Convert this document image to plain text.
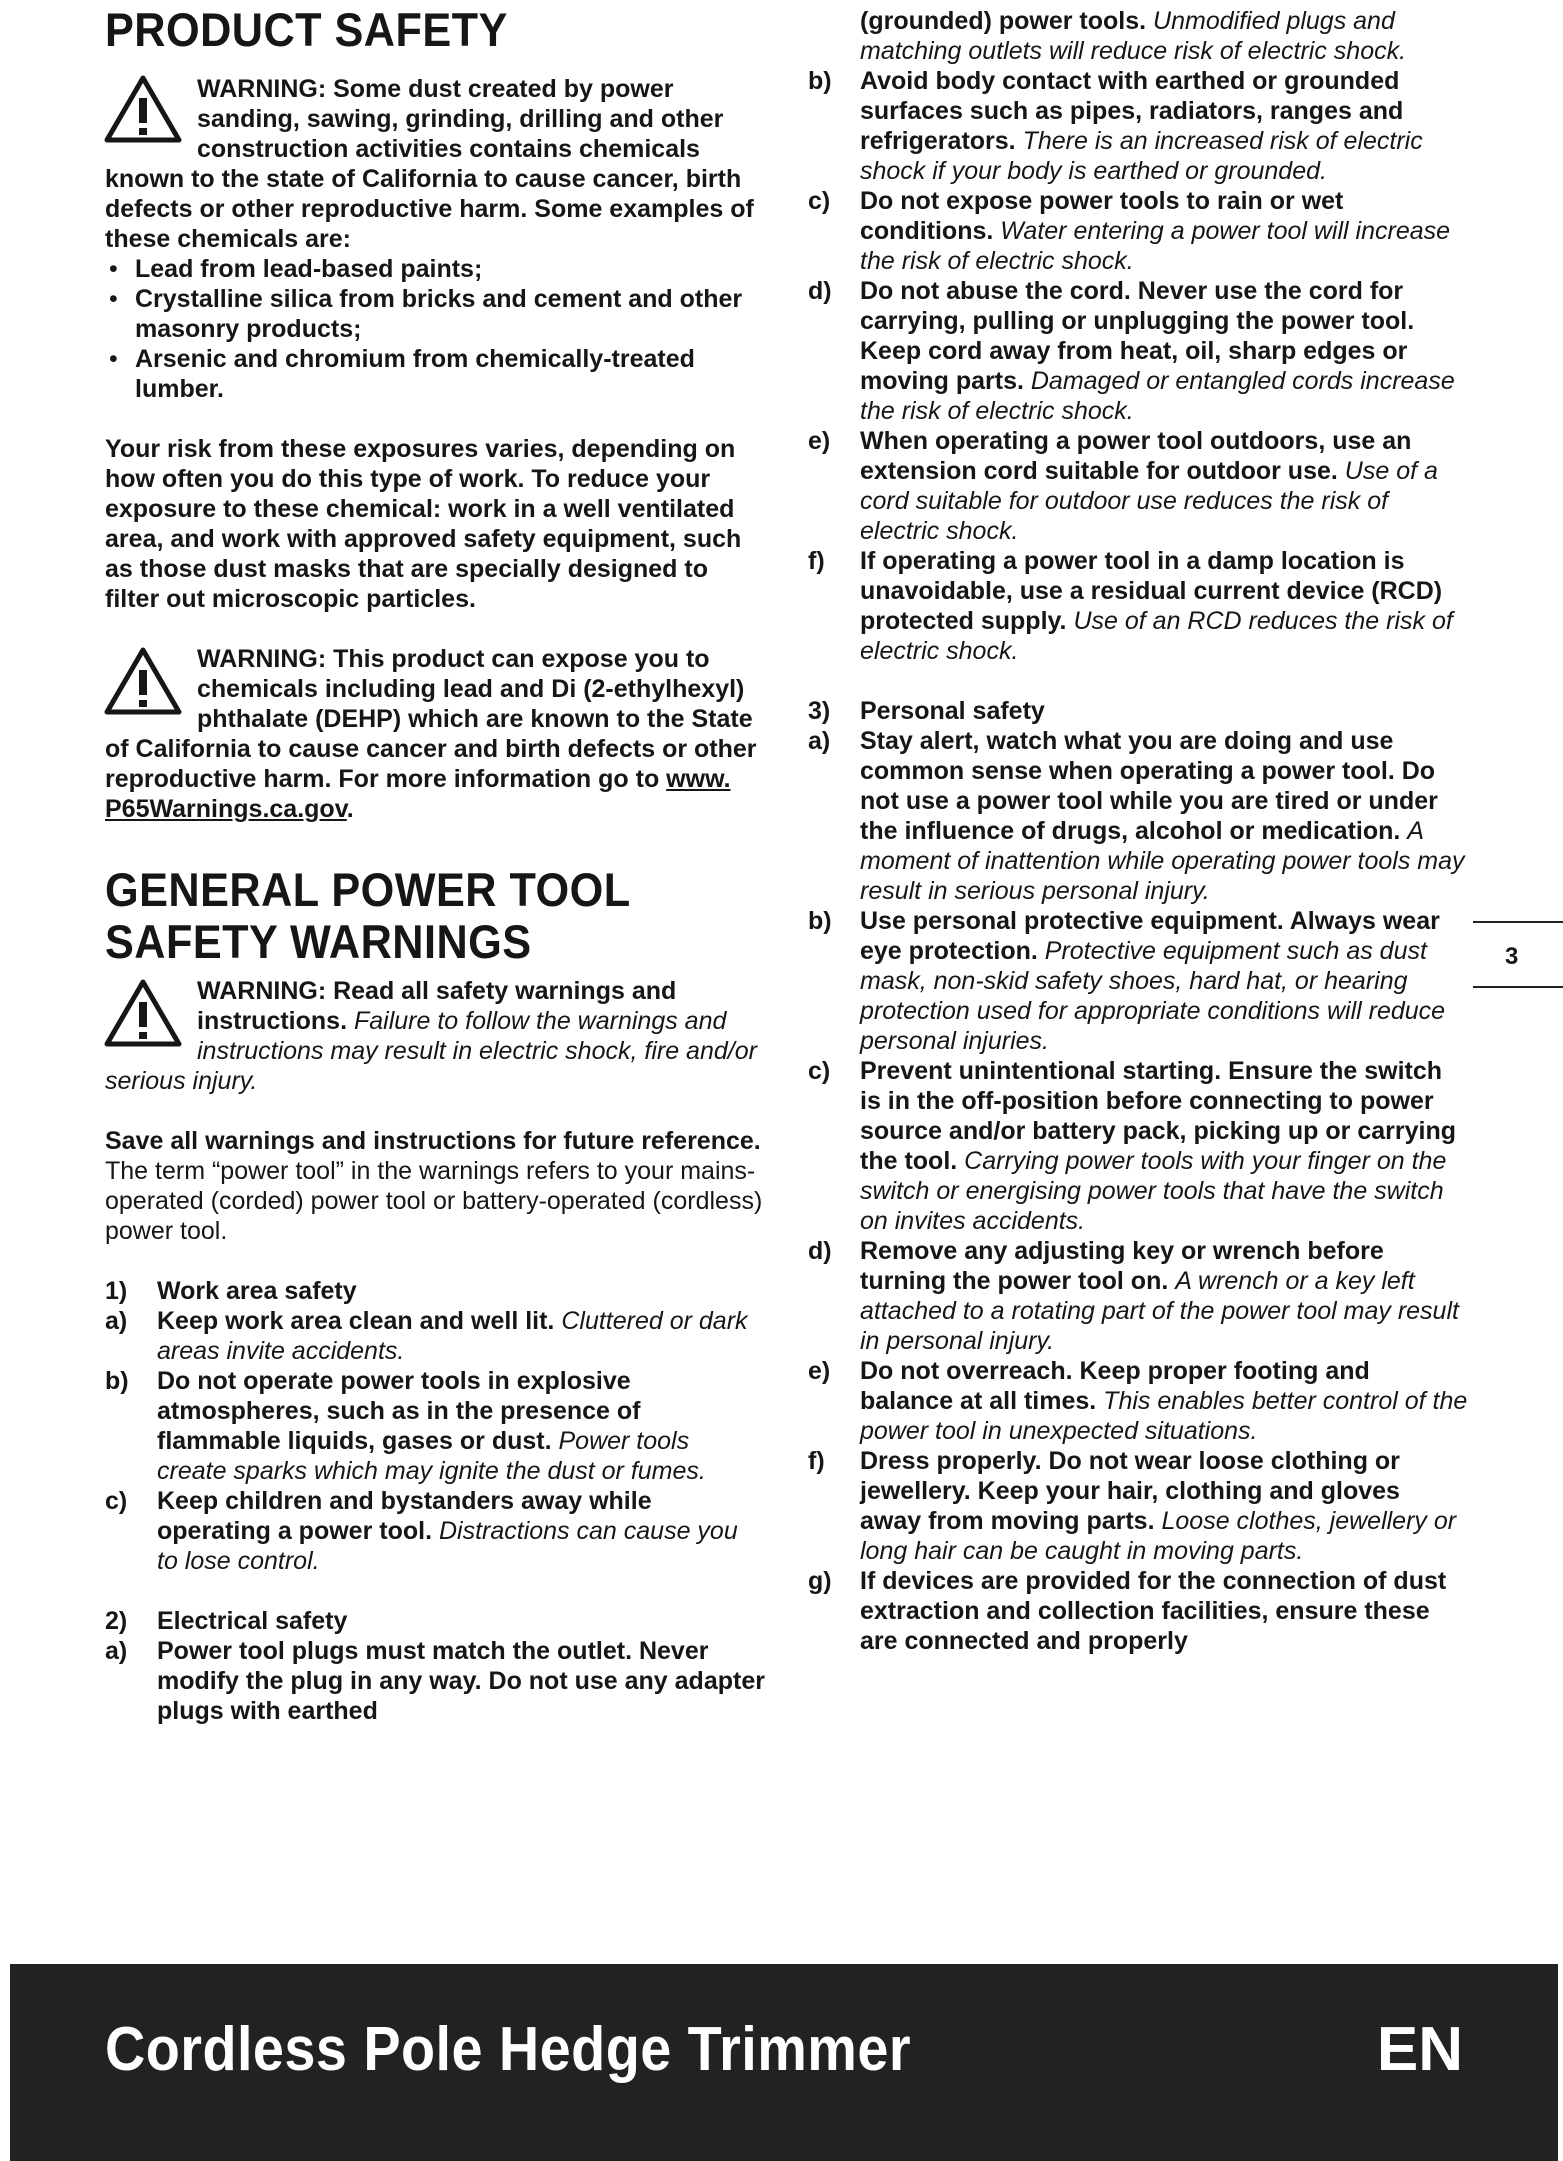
PRODUCT SAFETY
WARNING: Some dust created by power sanding, sawing, grinding, drilling and other construction activities contains chemicals known to the state of California to cause cancer, birth defects or other reproductive harm. Some examples of these chemicals are:
• Lead from lead-based paints;
• Crystalline silica from bricks and cement and other masonry products;
• Arsenic and chromium from chemically-treated lumber.
Your risk from these exposures varies, depending on how often you do this type of work. To reduce your exposure to these chemical: work in a well ventilated area, and work with approved safety equipment, such as those dust masks that are specially designed to filter out microscopic particles.
WARNING: This product can expose you to chemicals including lead and Di (2-ethylhexyl) phthalate (DEHP) which are known to the State of California to cause cancer and birth defects or other reproductive harm. For more information go to www. P65Warnings.ca.gov.
GENERAL POWER TOOL
SAFETY WARNINGS
WARNING: Read all safety warnings and instructions. Failure to follow the warnings and instructions may result in electric shock, fire and/or serious injury.
Save all warnings and instructions for future reference.
The term “power tool” in the warnings refers to your mains-operated (corded) power tool or battery-operated (cordless) power tool.
1) Work area safety
a) Keep work area clean and well lit. Cluttered or dark areas invite accidents.
b) Do not operate power tools in explosive atmospheres, such as in the presence of flammable liquids, gases or dust. Power tools create sparks which may ignite the dust or fumes.
c) Keep children and bystanders away while operating a power tool. Distractions can cause you to lose control.
2) Electrical safety
a) Power tool plugs must match the outlet. Never modify the plug in any way. Do not use any adapter plugs with earthed
(grounded) power tools. Unmodified plugs and matching outlets will reduce risk of electric shock.
b) Avoid body contact with earthed or grounded surfaces such as pipes, radiators, ranges and refrigerators. There is an increased risk of electric shock if your body is earthed or grounded.
c) Do not expose power tools to rain or wet conditions. Water entering a power tool will increase the risk of electric shock.
d) Do not abuse the cord. Never use the cord for carrying, pulling or unplugging the power tool. Keep cord away from heat, oil, sharp edges or moving parts. Damaged or entangled cords increase the risk of electric shock.
e) When operating a power tool outdoors, use an extension cord suitable for outdoor use. Use of a cord suitable for outdoor use reduces the risk of electric shock.
f) If operating a power tool in a damp location is unavoidable, use a residual current device (RCD) protected supply. Use of an RCD reduces the risk of electric shock.
3) Personal safety
a) Stay alert, watch what you are doing and use common sense when operating a power tool. Do not use a power tool while you are tired or under the influence of drugs, alcohol or medication. A moment of inattention while operating power tools may result in serious personal injury.
b) Use personal protective equipment. Always wear eye protection. Protective equipment such as dust mask, non-skid safety shoes, hard hat, or hearing protection used for appropriate conditions will reduce personal injuries.
c) Prevent unintentional starting. Ensure the switch is in the off-position before connecting to power source and/or battery pack, picking up or carrying the tool. Carrying power tools with your finger on the switch or energising power tools that have the switch on invites accidents.
d) Remove any adjusting key or wrench before turning the power tool on. A wrench or a key left attached to a rotating part of the power tool may result in personal injury.
e) Do not overreach. Keep proper footing and balance at all times. This enables better control of the power tool in unexpected situations.
f) Dress properly. Do not wear loose clothing or jewellery. Keep your hair, clothing and gloves away from moving parts. Loose clothes, jewellery or long hair can be caught in moving parts.
g) If devices are provided for the connection of dust extraction and collection facilities, ensure these are connected and properly
3
Cordless Pole Hedge Trimmer	EN
